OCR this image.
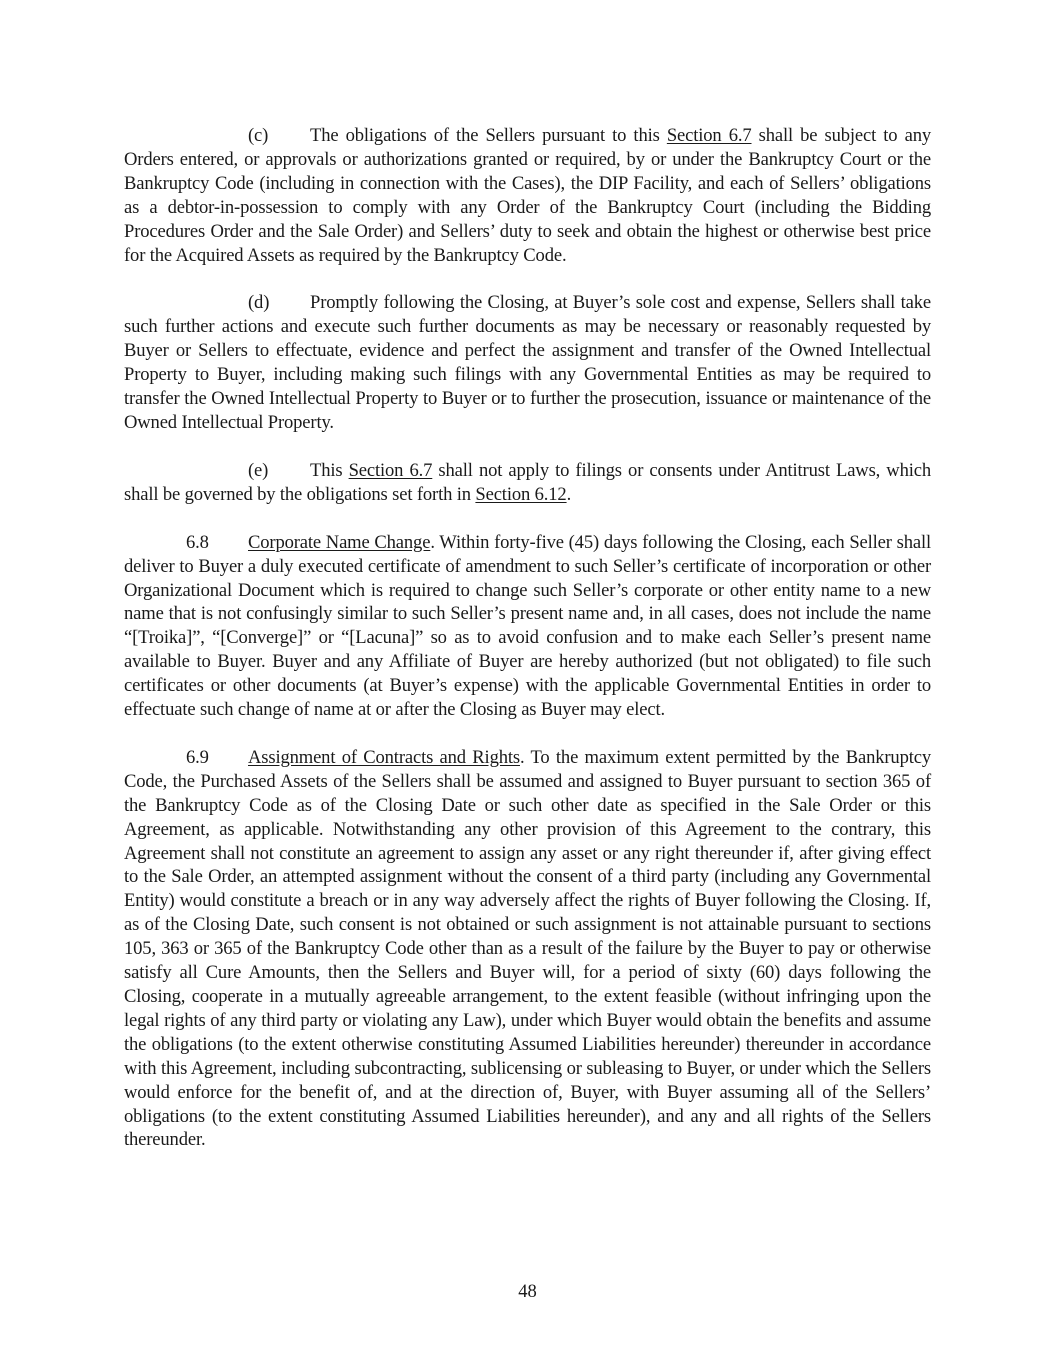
(c) The obligations of the Sellers pursuant to this Section 6.7 shall be subject to any Orders entered, or approvals or authorizations granted or required, by or under the Bankruptcy Court or the Bankruptcy Code (including in connection with the Cases), the DIP Facility, and each of Sellers’ obligations as a debtor-in-possession to comply with any Order of the Bankruptcy Court (including the Bidding Procedures Order and the Sale Order) and Sellers’ duty to seek and obtain the highest or otherwise best price for the Acquired Assets as required by the Bankruptcy Code.

(d) Promptly following the Closing, at Buyer’s sole cost and expense, Sellers shall take such further actions and execute such further documents as may be necessary or reasonably requested by Buyer or Sellers to effectuate, evidence and perfect the assignment and transfer of the Owned Intellectual Property to Buyer, including making such filings with any Governmental Entities as may be required to transfer the Owned Intellectual Property to Buyer or to further the prosecution, issuance or maintenance of the Owned Intellectual Property.

(e) This Section 6.7 shall not apply to filings or consents under Antitrust Laws, which shall be governed by the obligations set forth in Section 6.12.

6.8 Corporate Name Change. Within forty-five (45) days following the Closing, each Seller shall deliver to Buyer a duly executed certificate of amendment to such Seller’s certificate of incorporation or other Organizational Document which is required to change such Seller’s corporate or other entity name to a new name that is not confusingly similar to such Seller’s present name and, in all cases, does not include the name “[Troika]”, “[Converge]” or “[Lacuna]” so as to avoid confusion and to make each Seller’s present name available to Buyer. Buyer and any Affiliate of Buyer are hereby authorized (but not obligated) to file such certificates or other documents (at Buyer’s expense) with the applicable Governmental Entities in order to effectuate such change of name at or after the Closing as Buyer may elect.

6.9 Assignment of Contracts and Rights. To the maximum extent permitted by the Bankruptcy Code, the Purchased Assets of the Sellers shall be assumed and assigned to Buyer pursuant to section 365 of the Bankruptcy Code as of the Closing Date or such other date as specified in the Sale Order or this Agreement, as applicable. Notwithstanding any other provision of this Agreement to the contrary, this Agreement shall not constitute an agreement to assign any asset or any right thereunder if, after giving effect to the Sale Order, an attempted assignment without the consent of a third party (including any Governmental Entity) would constitute a breach or in any way adversely affect the rights of Buyer following the Closing. If, as of the Closing Date, such consent is not obtained or such assignment is not attainable pursuant to sections 105, 363 or 365 of the Bankruptcy Code other than as a result of the failure by the Buyer to pay or otherwise satisfy all Cure Amounts, then the Sellers and Buyer will, for a period of sixty (60) days following the Closing, cooperate in a mutually agreeable arrangement, to the extent feasible (without infringing upon the legal rights of any third party or violating any Law), under which Buyer would obtain the benefits and assume the obligations (to the extent otherwise constituting Assumed Liabilities hereunder) thereunder in accordance with this Agreement, including subcontracting, sublicensing or subleasing to Buyer, or under which the Sellers would enforce for the benefit of, and at the direction of, Buyer, with Buyer assuming all of the Sellers’ obligations (to the extent constituting Assumed Liabilities hereunder), and any and all rights of the Sellers thereunder.

48
